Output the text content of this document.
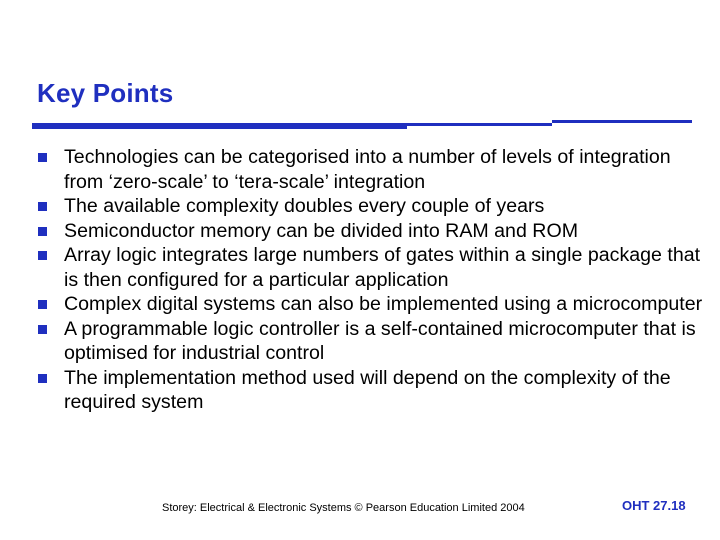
Key Points
Technologies can be categorised into a number of levels of integration from ‘zero-scale’ to ‘tera-scale’ integration
The available complexity doubles every couple of years
Semiconductor memory can be divided into RAM and ROM
Array logic integrates large numbers of gates within a single package that is then configured for a particular application
Complex digital systems can also be implemented using a microcomputer
A programmable logic controller is a self-contained microcomputer that is optimised for industrial control
The implementation method used will depend on the complexity of the required system
Storey: Electrical & Electronic Systems © Pearson Education Limited 2004	OHT 27.18
